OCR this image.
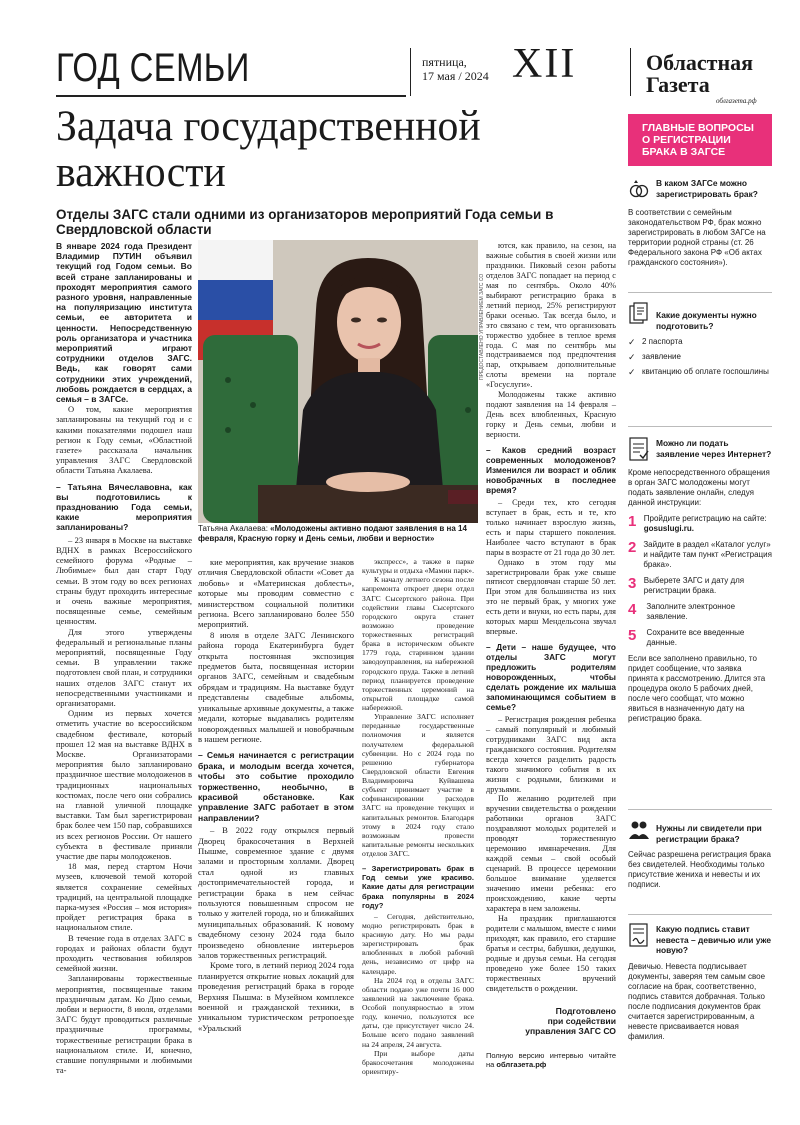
ГОД СЕМЬИ	пятница,
17 мая / 2024 XII	Областная
Газета
облгазета.рф
Задача государственной важности
Отделы ЗАГС стали одними из организаторов мероприятий Года семьи в Свердловской области
ПРЕДОСТАВЛЕНО УПРАВЛЕНИЕМ ЗАГС СО
Татьяна Акалаева: «Молодожены активно подают заявления в на 14 февраля, Красную горку и День семьи, любви и верности»

В январе 2024 года Президент Владимир ПУТИН объявил текущий год Годом семьи. Во всей стране запланированы и проходят мероприятия самого разного уровня, направленные на популяризацию института семьи, ее авторитета и ценности. Непосредственную роль организатора и участника мероприятий играют сотрудники отделов ЗАГС. Ведь, как говорят сами сотрудники этих учреждений, любовь рождается в сердцах, а семья – в ЗАГСе.

О том, какие мероприятия запланированы на текущий год и с какими показателями подошел наш регион к Году семьи, «Областной газете» рассказала начальник управления ЗАГС Свердловской области Татьяна Акалаева.

– Татьяна Вячеславовна, как вы подготовились к празднованию Года семьи, какие мероприятия запланированы?

– 23 января в Москве на выставке ВДНХ в рамках Всероссийского семейного форума «Родные – Любимые» был дан старт Году семьи. В этом году во всех регионах страны будут проходить интересные и очень важные мероприятия, посвященные семье, семейным ценностям.

Для этого утверждены федеральный и региональные планы мероприятий, посвященные Году семьи. В управлении также подготовлен свой план, и сотрудники наших отделов ЗАГС станут их непосредственными участниками и организаторами.

Одним из первых хочется отметить участие во всероссийском свадебном фестивале, который прошел 12 мая на выставке ВДНХ в Москве. Организаторами мероприятия было запланировано праздничное шествие молодоженов в традиционных национальных костюмах, после чего они собрались на главной уличной площадке выставки. Там был зарегистрирован брак более чем 150 пар, собравшихся из всех регионов России. От нашего субъекта в фестивале приняли участие две пары молодоженов.

18 мая, перед стартом Ночи музеев, ключевой темой которой является сохранение семейных традиций, на центральной площадке парка-музея «Россия – моя история» пройдет регистрация брака в национальном стиле.

В течение года в отделах ЗАГС в городах и районах области будут проходить чествования юбиляров семейной жизни.

Запланированы торжественные мероприятия, посвященные таким праздничным датам. Ко Дню семьи, любви и верности, 8 июля, отделами ЗАГС будут проводиться различные праздничные программы, торжественные регистрации брака в национальном стиле. И, конечно, ставшие популярными и любимыми та-

кие мероприятия, как вручение знаков отличия Свердловской области «Совет да любовь» и «Материнская доблесть», которые мы проводим совместно с министерством социальной политики региона. Всего запланировано более 550 мероприятий.

8 июля в отделе ЗАГС Ленинского района города Екатеринбурга будет открыта постоянная экспозиция предметов быта, посвященная истории органов ЗАГС, семейным и свадебным обрядам и традициям. На выставке будут представлены свадебные альбомы, уникальные архивные документы, а также медали, которые выдавались родителям новорожденных малышей и новобрачным в нашем регионе.

– Семья начинается с регистрации брака, и молодым всегда хочется, чтобы это событие проходило торжественно, необычно, в красивой обстановке. Как управление ЗАГС работает в этом направлении?

– В 2022 году открылся первый Дворец бракосочетания в Верхней Пышме, современное здание с двумя залами и просторным холлами. Дворец стал одной из главных достопримечательностей города, и регистрации брака в нем сейчас пользуются повышенным спросом не только у жителей города, но и ближайших муниципальных образований. К новому свадебному сезону 2024 года было произведено обновление интерьеров залов торжественных регистраций.

Кроме того, в летний период 2024 года планируется открытие новых локаций для проведения регистраций брака в городе Верхняя Пышма: в Музейном комплексе военной и гражданской техники, в уникальном туристическом ретропоезде «Уральский

экспресс», а также в парке культуры и отдыха «Мамин парк».

К началу летнего сезона после капремонта откроет двери отдел ЗАГС Сысертского района. При содействии главы Сысертского городского округа станет возможно проведение торжественных регистраций брака в историческом объекте 1779 года, старинном здании заводоуправления, на набережной городского пруда. Также в летний период планируется проведение торжественных церемоний на открытой площадке самой набережной.

Управление ЗАГС исполняет переданные государственные полномочия и является получателем федеральной субвенции. Но с 2024 года по решению губернатора Свердловской области Евгения Владимировича Куйвашева субъект принимает участие в софинансировании расходов ЗАГС на проведение текущих и капитальных ремонтов. Благодаря этому в 2024 году стало возможным провести капитальные ремонты нескольких отделов ЗАГС.

– Зарегистрировать брак в Год семьи уже красиво. Какие даты для регистрации брака популярны в 2024 году?

– Сегодня, действительно, модно регистрировать брак в красивую дату. Но мы рады зарегистрировать брак влюбленных в любой рабочий день, независимо от цифр на календаре.

На 2024 год в отделы ЗАГС области подано уже почти 16 000 заявлений на заключение брака. Особой популярностью в этом году, конечно, пользуются все даты, где присутствует число 24. Больше всего подано заявлений на 24 апреля, 24 августа.

При выборе даты бракосочетания молодожены ориентиру-

ГЛАВНЫЕ ВОПРОСЫ О РЕГИСТРАЦИИ БРАКА В ЗАГСЕ
В каком ЗАГСе можно зарегистрировать брак?
В соответствии с семейным законодательством РФ, брак можно зарегистрировать в любом ЗАГСе на территории родной страны (ст. 26 Федерального закона РФ «Об актах гражданского состояния»).
Какие документы нужно подготовить?
✓ 2 паспорта
✓ заявление
✓ квитанцию об оплате госпошлины
Можно ли подать заявление через Интернет?
Кроме непосредственного обращения в орган ЗАГС молодожены могут подать заявление онлайн, следуя данной инструкции:
1 Пройдите регистрацию на сайте: gosuslugi.ru.
2 Зайдите в раздел «Каталог услуг» и найдите там пункт «Регистрация брака».
3 Выберете ЗАГС и дату для регистрации брака.
4	Заполните электронное заявление.
5	Сохраните все введенные данные.
Если все заполнено правильно, то придет сообщение, что заявка принята к рассмотрению. Длится эта процедура около 5 рабочих дней, после чего сообщат, что можно явиться в назначенную дату на регистрацию брака.
Нужны ли свидетели при регистрации брака?
Сейчас разрешена регистрация брака без свидетелей. Необходимы только присутствие жениха и невесты и их подписи.
Какую подпись ставит невеста – девичью или уже новую?
Девичью. Невеста подписывает документы, заверяя тем самым свое согласие на брак, соответственно, подпись ставится добрачная. Только после подписания документов брак считается зарегистрированным, а невесте присваивается новая фамилия.

ются, как правило, на сезон, на важные события в своей жизни или праздники. Пиковый сезон работы отделов ЗАГС попадает на период с мая по сентябрь. Около 40% выбирают регистрацию брака в летний период, 25% регистрируют браки осенью. Так всегда было, и это связано с тем, что организовать торжество удобнее в теплое время года. С мая по сентябрь мы подстраиваемся под предпочтения пар, открываем дополнительные слоты времени на портале «Госуслуги».

Молодожены также активно подают заявления на 14 февраля – День всех влюбленных, Красную горку и День семьи, любви и верности.

– Каков средний возраст современных молодоженов? Изменился ли возраст и облик новобрачных в последнее время?

– Среди тех, кто сегодня вступает в брак, есть и те, кто только начинает взрослую жизнь, есть и пары старшего поколения. Наиболее часто вступают в брак пары в возрасте от 21 года до 30 лет.

Однако в этом году мы зарегистрировали брак уже свыше пятисот свердловчан старше 50 лет. При этом для большинства из них это не первый брак, у многих уже есть дети и внуки, но есть пары, для которых марш Мендельсона звучал впервые.

– Дети – наше будущее, что отделы ЗАГС могут предложить родителям новорожденных, чтобы сделать рождение их малыша запоминающимся событием в семье?

– Регистрация рождения ребенка – самый популярный и любимый сотрудниками ЗАГС вид акта гражданского состояния. Родителям всегда хочется разделить радость такого значимого события в их жизни с родными, близкими и друзьями.

По желанию родителей при вручении свидетельства о рождении работники органов ЗАГС поздравляют молодых родителей и проводят торжественную церемонию имянаречения. Для каждой семьи – свой особый сценарий. В процессе церемонии большое внимание уделяется значению имени ребенка: его происхождению, какие черты характера в нем заложены.

На праздник приглашаются родители с малышом, вместе с ними приходят, как правило, его старшие братья и сестры, бабушки, дедушки, родные и друзья семьи. На сегодня проведено уже более 150 таких торжественных вручений свидетельств о рождении.

Подготовлено
при содействии
управления ЗАГС СО
Полную версию интервью читайте на облгазета.рф
